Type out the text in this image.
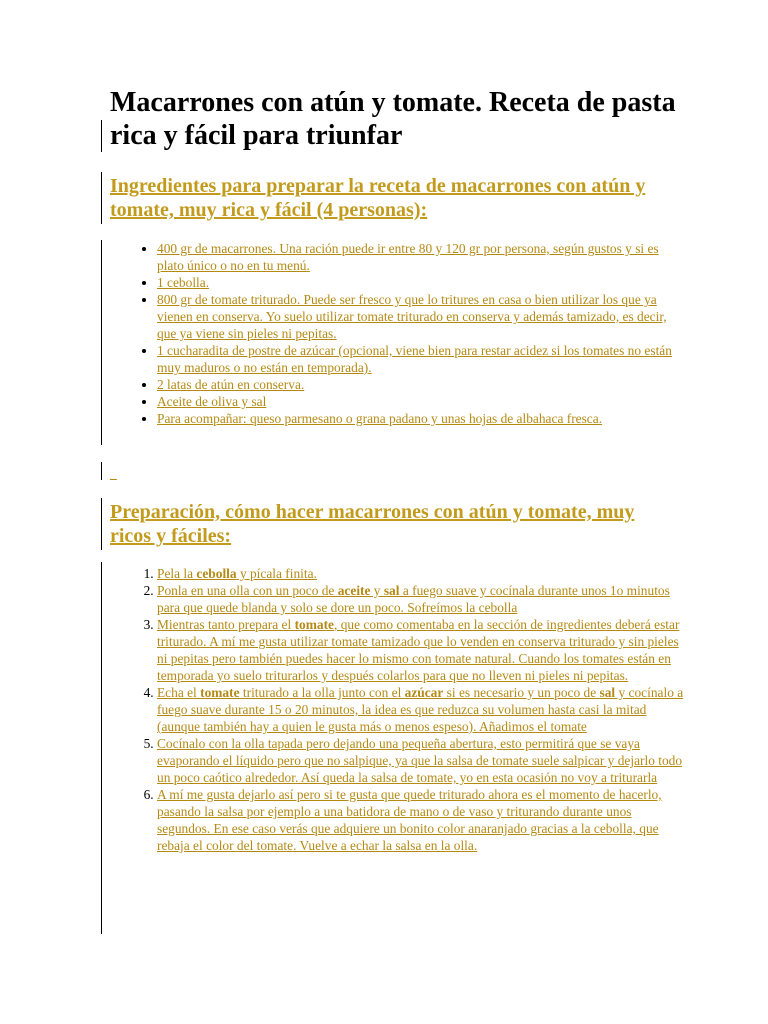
Macarrones con atún y tomate. Receta de pasta rica y fácil para triunfar
Ingredientes para preparar la receta de macarrones con atún y tomate, muy rica y fácil (4 personas):
• 400 gr de macarrones. Una ración puede ir entre 80 y 120 gr por persona, según gustos y si es plato único o no en tu menú.
• 1 cebolla.
• 800 gr de tomate triturado. Puede ser fresco y que lo tritures en casa o bien utilizar los que ya vienen en conserva. Yo suelo utilizar tomate triturado en conserva y además tamizado, es decir, que ya viene sin pieles ni pepitas.
• 1 cucharadita de postre de azúcar (opcional, viene bien para restar acidez si los tomates no están muy maduros o no están en temporada).
• 2 latas de atún en conserva.
• Aceite de oliva y sal
• Para acompañar: queso parmesano o grana padano y unas hojas de albahaca fresca.
_
Preparación, cómo hacer macarrones con atún y tomate, muy ricos y fáciles:
1. Pela la cebolla y pícala finita.
2. Ponla en una olla con un poco de aceite y sal a fuego suave y cocínala durante unos 1o minutos para que quede blanda y solo se dore un poco. Sofreímos la cebolla
3. Mientras tanto prepara el tomate, que como comentaba en la sección de ingredientes deberá estar triturado. A mí me gusta utilizar tomate tamizado que lo venden en conserva triturado y sin pieles ni pepitas pero también puedes hacer lo mismo con tomate natural. Cuando los tomates están en temporada yo suelo triturarlos y después colarlos para que no lleven ni pieles ni pepitas.
4. Echa el tomate triturado a la olla junto con el azúcar si es necesario y un poco de sal y cocínalo a fuego suave durante 15 o 20 minutos, la idea es que reduzca su volumen hasta casi la mitad (aunque también hay a quien le gusta más o menos espeso). Añadimos el tomate
5. Cocínalo con la olla tapada pero dejando una pequeña abertura, esto permitirá que se vaya evaporando el líquido pero que no salpique, ya que la salsa de tomate suele salpicar y dejarlo todo un poco caótico alrededor. Así queda la salsa de tomate, yo en esta ocasión no voy a triturarla
6. A mí me gusta dejarlo así pero si te gusta que quede triturado ahora es el momento de hacerlo, pasando la salsa por ejemplo a una batidora de mano o de vaso y triturando durante unos segundos. En ese caso verás que adquiere un bonito color anaranjado gracias a la cebolla, que rebaja el color del tomate. Vuelve a echar la salsa en la olla.
